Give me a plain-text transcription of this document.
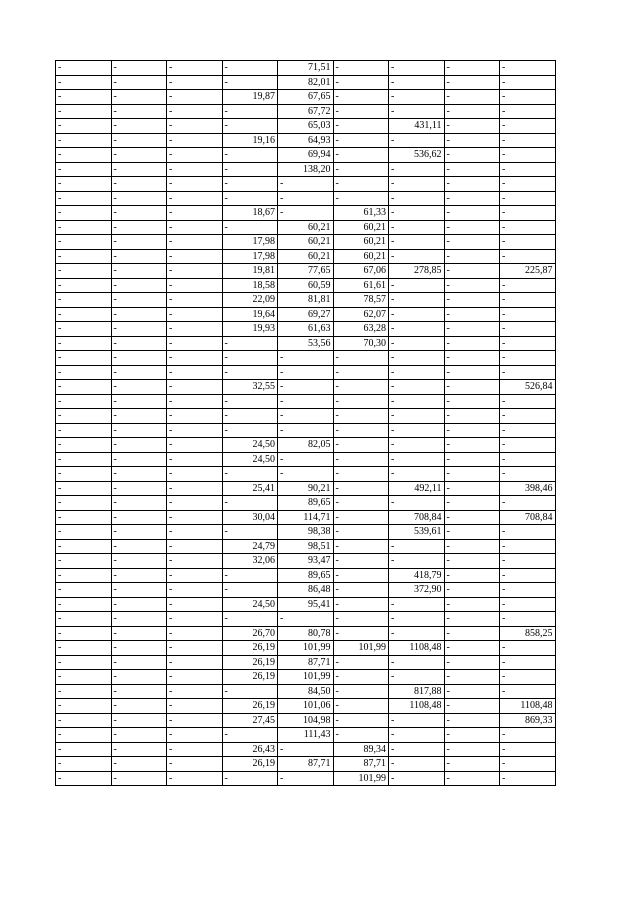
-	-	-	-	71,51	-	-	-	-
-	-	-	-	82,01	-	-	-	-
-	-	-	19,87	67,65	-	-	-	-
-	-	-	-	67,72	-	-	-	-
-	-	-	-	65,03	-	431,11	-	-
-	-	-	19,16	64,93	-	-	-	-
-	-	-	-	69,94	-	536,62	-	-
-	-	-	-	138,20	-	-	-	-
-	-	-	-	-	-	-	-	-
-	-	-	-	-	-	-	-	-
-	-	-	18,67	-	61,33	-	-	-
-	-	-	-	60,21	60,21	-	-	-
-	-	-	17,98	60,21	60,21	-	-	-
-	-	-	17,98	60,21	60,21	-	-	-
-	-	-	19,81	77,65	67,06	278,85	-	225,87
-	-	-	18,58	60,59	61,61	-	-	-
-	-	-	22,09	81,81	78,57	-	-	-
-	-	-	19,64	69,27	62,07	-	-	-
-	-	-	19,93	61,63	63,28	-	-	-
-	-	-	-	53,56	70,30	-	-	-
-	-	-	-	-	-	-	-	-
-	-	-	-	-	-	-	-	-
-	-	-	32,55	-	-	-	-	526,84
-	-	-	-	-	-	-	-	-
-	-	-	-	-	-	-	-	-
-	-	-	-	-	-	-	-	-
-	-	-	24,50	82,05	-	-	-	-
-	-	-	24,50	-	-	-	-	-
-	-	-	-	-	-	-	-	-
-	-	-	25,41	90,21	-	492,11	-	398,46
-	-	-	-	89,65	-	-	-	-
-	-	-	30,04	114,71	-	708,84	-	708,84
-	-	-	-	98,38	-	539,61	-	-
-	-	-	24,79	98,51	-	-	-	-
-	-	-	32,06	93,47	-	-	-	-
-	-	-	-	89,65	-	418,79	-	-
-	-	-	-	86,48	-	372,90	-	-
-	-	-	24,50	95,41	-	-	-	-
-	-	-	-	-	-	-	-	-
-	-	-	26,70	80,78	-	-	-	858,25
-	-	-	26,19	101,99	101,99	1108,48	-	-
-	-	-	26,19	87,71	-	-	-	-
-	-	-	26,19	101,99	-	-	-	-
-	-	-	-	84,50	-	817,88	-	-
-	-	-	26,19	101,06	-	1108,48	-	1108,48
-	-	-	27,45	104,98	-	-	-	869,33
-	-	-	-	111,43	-	-	-	-
-	-	-	26,43	-	89,34	-	-	-
-	-	-	26,19	87,71	87,71	-	-	-
-	-	-	-	-	101,99	-	-	-
